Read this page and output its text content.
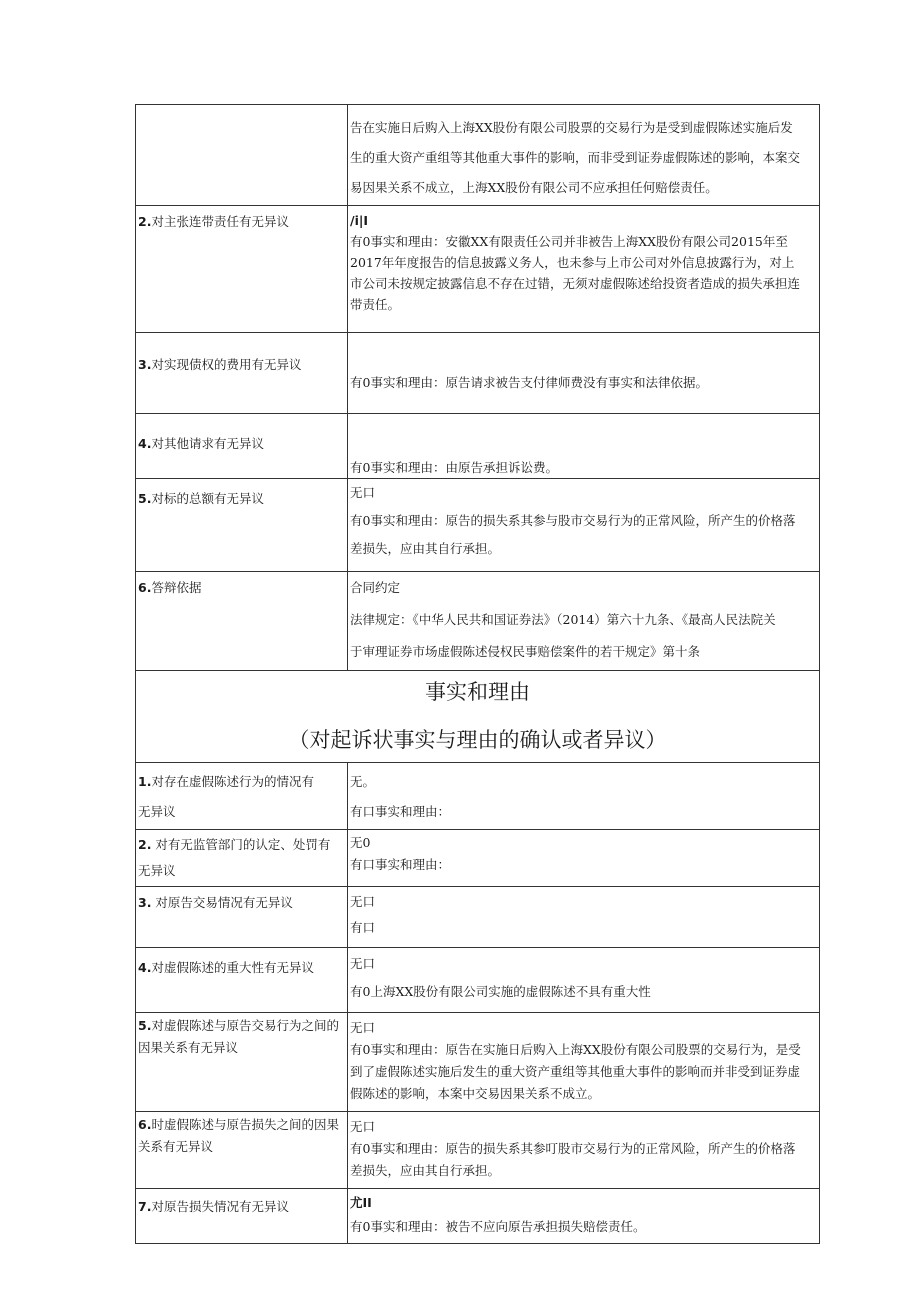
	告在实施日后购入上海XX股份有限公司股票的交易行为是受到虚假陈述实施后发
生的重大资产重组等其他重大事件的影响，而非受到证券虚假陈述的影响，本案交
易因果关系不成立，上海XX股份有限公司不应承担任何赔偿责任。

2.对主张连带责任有无异议	/i|I
有0事实和理由：安徽XX有限责任公司并非被告上海XX股份有限公司2015年至
2017年年度报告的信息披露义务人，也未参与上市公司对外信息披露行为，对上
市公司未按规定披露信息不存在过错，无须对虚假陈述给投资者造成的损失承担连
带责任。

3.对实现债权的费用有无异议	有0事实和理由：原告请求被告支付律师费没有事实和法律依据。

4.对其他请求有无异议	有0事实和理由：由原告承担诉讼费。

5.对标的总额有无异议	无口
有0事实和理由：原告的损失系其参与股市交易行为的正常风险，所产生的价格落
差损失，应由其自行承担。

6.答辩依据	合同约定
法律规定：《中华人民共和国证券法》（2014）第六十九条、《最高人民法院关
于审理证券市场虚假陈述侵权民事赔偿案件的若干规定》第十条

事实和理由
（对起诉状事实与理由的确认或者异议）	

1.对存在虚假陈述行为的情况有
无异议	无。
有口事实和理由：

2. 对有无监管部门的认定、处罚有
无异议	无0
有口事实和理由：

3. 对原告交易情况有无异议	无口
有口

4.对虚假陈述的重大性有无异议	无口
有0上海XX股份有限公司实施的虚假陈述不具有重大性

5.对虚假陈述与原告交易行为之间的
因果关系有无异议	无口
有0事实和理由：原告在实施日后购入上海XX股份有限公司股票的交易行为，是受
到了虚假陈述实施后发生的重大资产重组等其他重大事件的影响而并非受到证券虚
假陈述的影响，本案中交易因果关系不成立。

6.时虚假陈述与原告损失之间的因果
关系有无异议	无口
有0事实和理由：原告的损失系其参叮股市交易行为的正常风险，所产生的价格落
差损失，应由其自行承担。

7.对原告损失情况有无异议	尤II
有0事实和理由：被告不应向原告承担损失赔偿责任。
